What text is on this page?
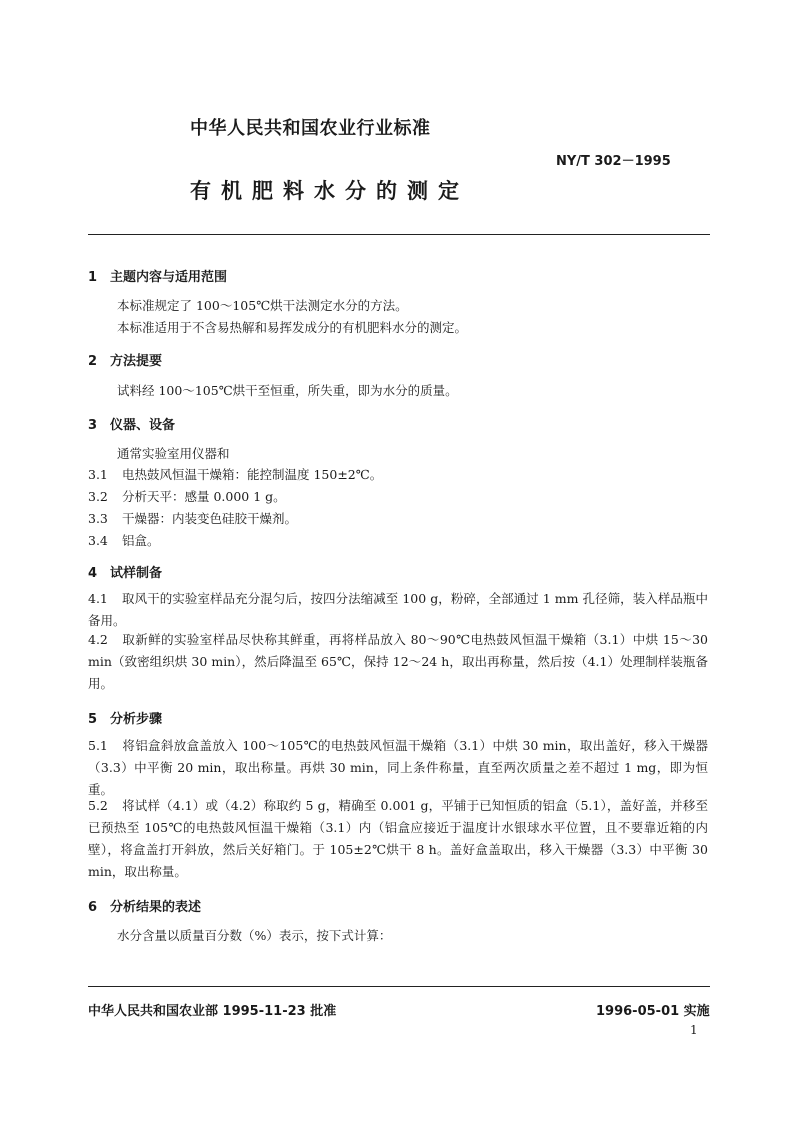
中华人民共和国农业行业标准
NY/T 302－1995
有机肥料水分的测定
1 主题内容与适用范围
本标准规定了 100～105℃烘干法测定水分的方法。
本标准适用于不含易热解和易挥发成分的有机肥料水分的测定。
2 方法提要
试料经 100～105℃烘干至恒重，所失重，即为水分的质量。
3 仪器、设备
通常实验室用仪器和
3.1 电热鼓风恒温干燥箱：能控制温度 150±2℃。
3.2 分析天平：感量 0.000 1 g。
3.3 干燥器：内装变色硅胶干燥剂。
3.4 铝盒。
4 试样制备
4.1 取风干的实验室样品充分混匀后，按四分法缩减至 100 g，粉碎，全部通过 1 mm 孔径筛，装入样品瓶中备用。
4.2 取新鲜的实验室样品尽快称其鲜重，再将样品放入 80～90℃电热鼓风恒温干燥箱（3.1）中烘 15～30 min（致密组织烘 30 min），然后降温至 65℃，保持 12～24 h，取出再称量，然后按（4.1）处理制样装瓶备用。
5 分析步骤
5.1 将铝盒斜放盒盖放入 100～105℃的电热鼓风恒温干燥箱（3.1）中烘 30 min，取出盖好，移入干燥器（3.3）中平衡 20 min，取出称量。再烘 30 min，同上条件称量，直至两次质量之差不超过 1 mg，即为恒重。
5.2 将试样（4.1）或（4.2）称取约 5 g，精确至 0.001 g，平铺于已知恒质的铝盒（5.1），盖好盖，并移至已预热至 105℃的电热鼓风恒温干燥箱（3.1）内（铝盒应接近于温度计水银球水平位置，且不要靠近箱的内壁），将盒盖打开斜放，然后关好箱门。于 105±2℃烘干 8 h。盖好盒盖取出，移入干燥器（3.3）中平衡 30 min，取出称量。
6 分析结果的表述
水分含量以质量百分数（%）表示，按下式计算：
中华人民共和国农业部 1995-11-23 批准	1996-05-01 实施
1
